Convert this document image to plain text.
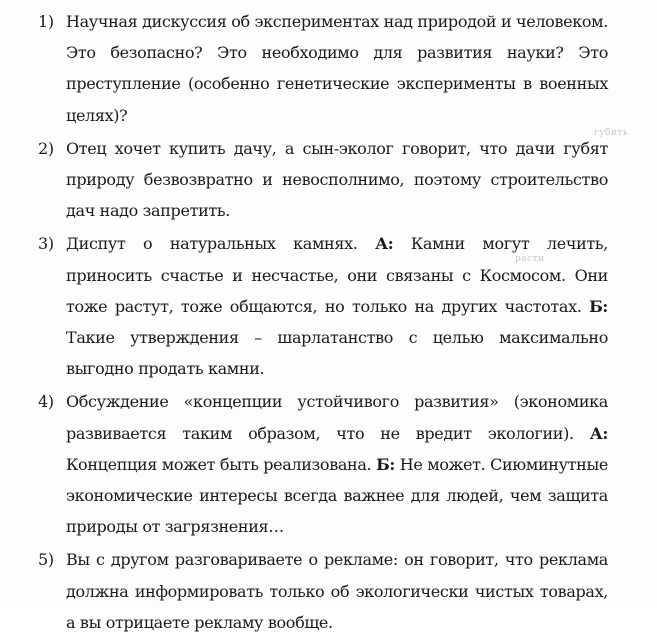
1) Научная дискуссия об экспериментах над природой и человеком. Это безопасно? Это необходимо для развития науки? Это преступление (особенно генетические эксперименты в военных целях)?
2) Отец хочет купить дачу, а сын-эколог говорит, что дачи губят природу безвозвратно и невосполнимо, поэтому строительство дач надо запретить.
3) Диспут о натуральных камнях. А: Камни могут лечить, приносить счастье и несчастье, они связаны с Космосом. Они тоже растут, тоже общаются, но только на других частотах. Б: Такие утверждения – шарлатанство с целью максимально выгодно продать камни.
4) Обсуждение «концепции устойчивого развития» (экономика развивается таким образом, что не вредит экологии). А: Концепция может быть реализована. Б: Не может. Сиюминутные экономические интересы всегда важнее для людей, чем защита природы от загрязнения…
5) Вы с другом разговариваете о рекламе: он говорит, что реклама должна информировать только об экологически чистых товарах, а вы отрицаете рекламу вообще.
губить
расти
